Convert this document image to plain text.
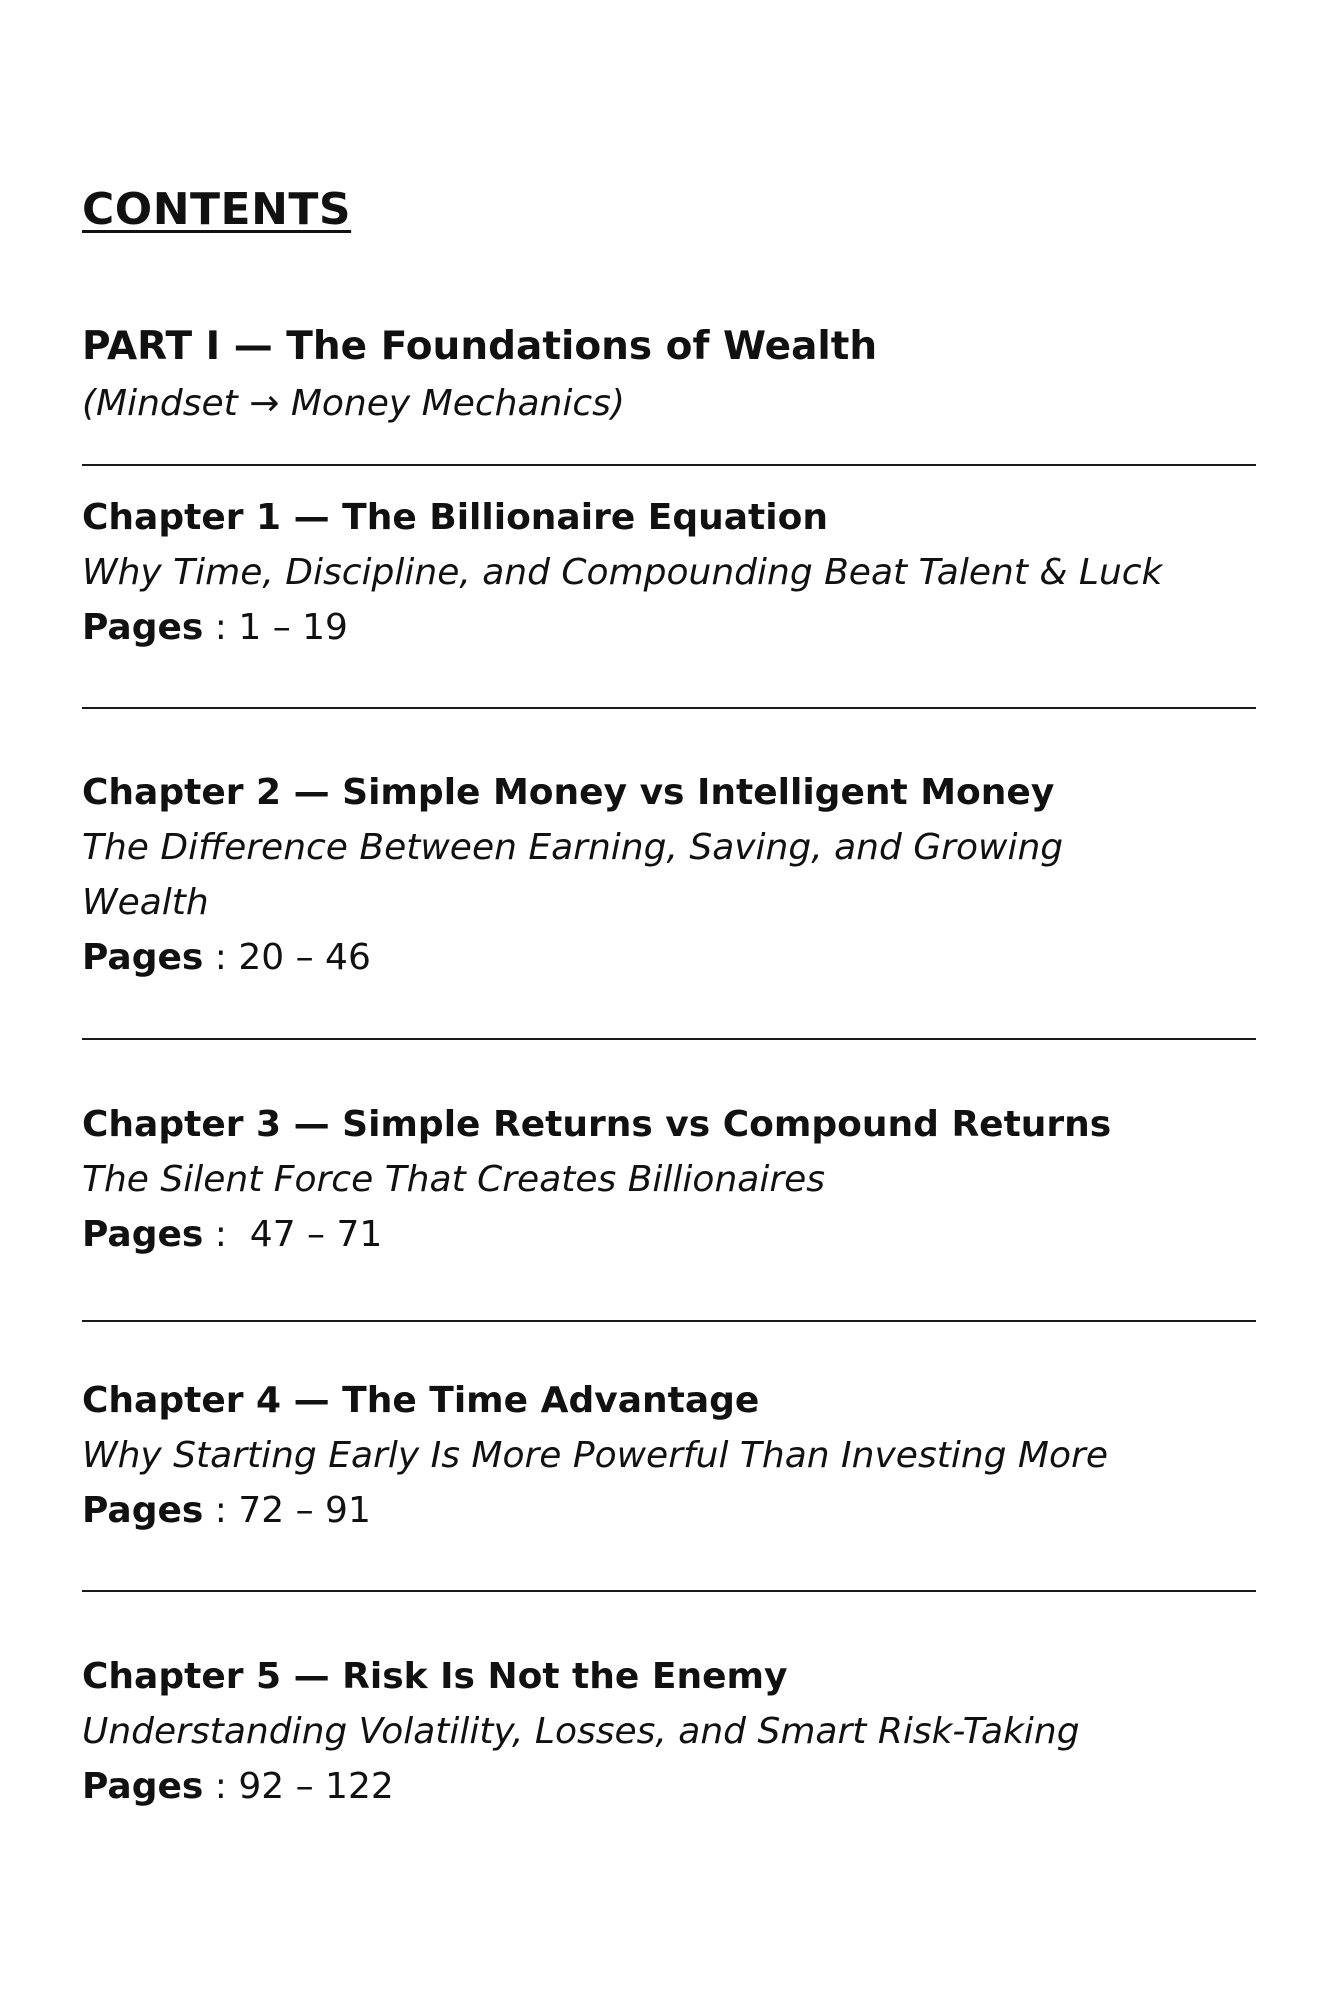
CONTENTS
PART I — The Foundations of Wealth

(Mindset → Money Mechanics)

Chapter 1 — The Billionaire Equation
Why Time, Discipline, and Compounding Beat Talent & Luck
Pages : 1 – 19
Chapter 2 — Simple Money vs Intelligent Money
The Difference Between Earning, Saving, and Growing Wealth
Pages : 20 – 46
Chapter 3 — Simple Returns vs Compound Returns
The Silent Force That Creates Billionaires
Pages :  47 – 71
Chapter 4 — The Time Advantage
Why Starting Early Is More Powerful Than Investing More
Pages : 72 – 91
Chapter 5 — Risk Is Not the Enemy
Understanding Volatility, Losses, and Smart Risk-Taking
Pages : 92 – 122
